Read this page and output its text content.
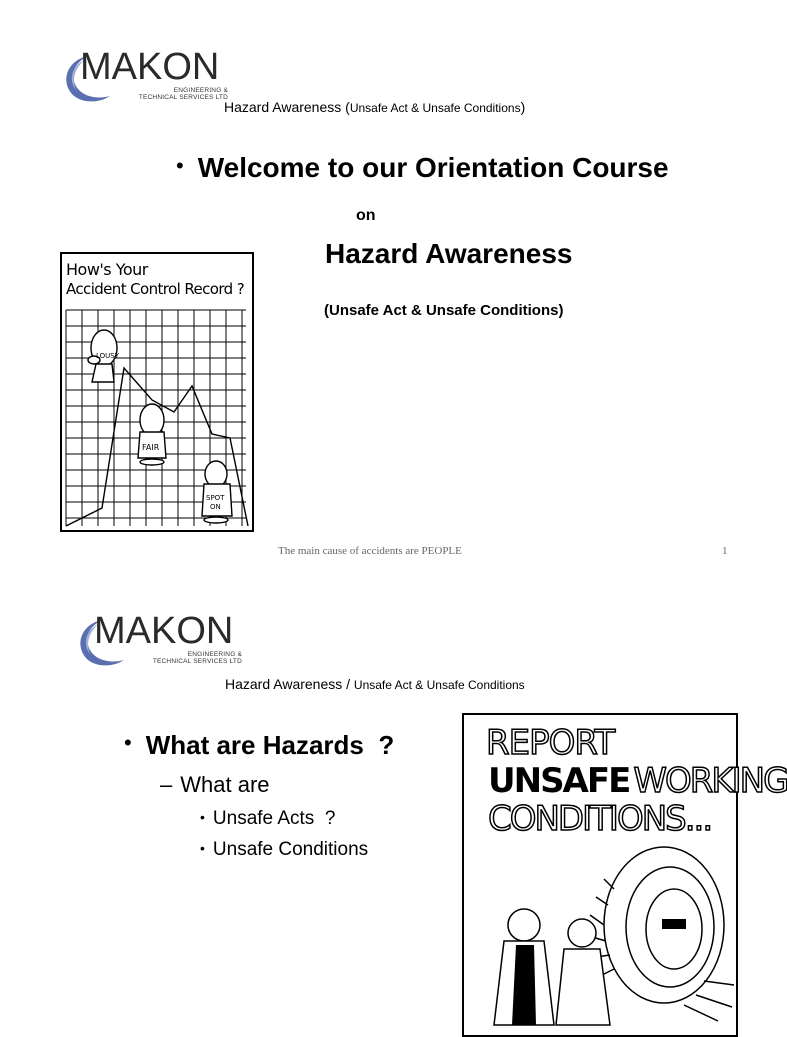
MAKON
ENGINEERING &
TECHNICAL SERVICES LTD
Hazard Awareness (Unsafe Act & Unsafe Conditions)
• Welcome to our Orientation Course
on
Hazard Awareness
(Unsafe Act & Unsafe Conditions)
How's Your
Accident Control Record ?
LOUSY
FAIR
SPOT
ON
The main cause of accidents are PEOPLE	1
MAKON
ENGINEERING &
TECHNICAL SERVICES LTD
Hazard Awareness / Unsafe Act & Unsafe Conditions
• What are Hazards  ?
– What are
• Unsafe Acts  ?
• Unsafe Conditions
REPORT
UNSAFE WORKING
CONDITIONS...
